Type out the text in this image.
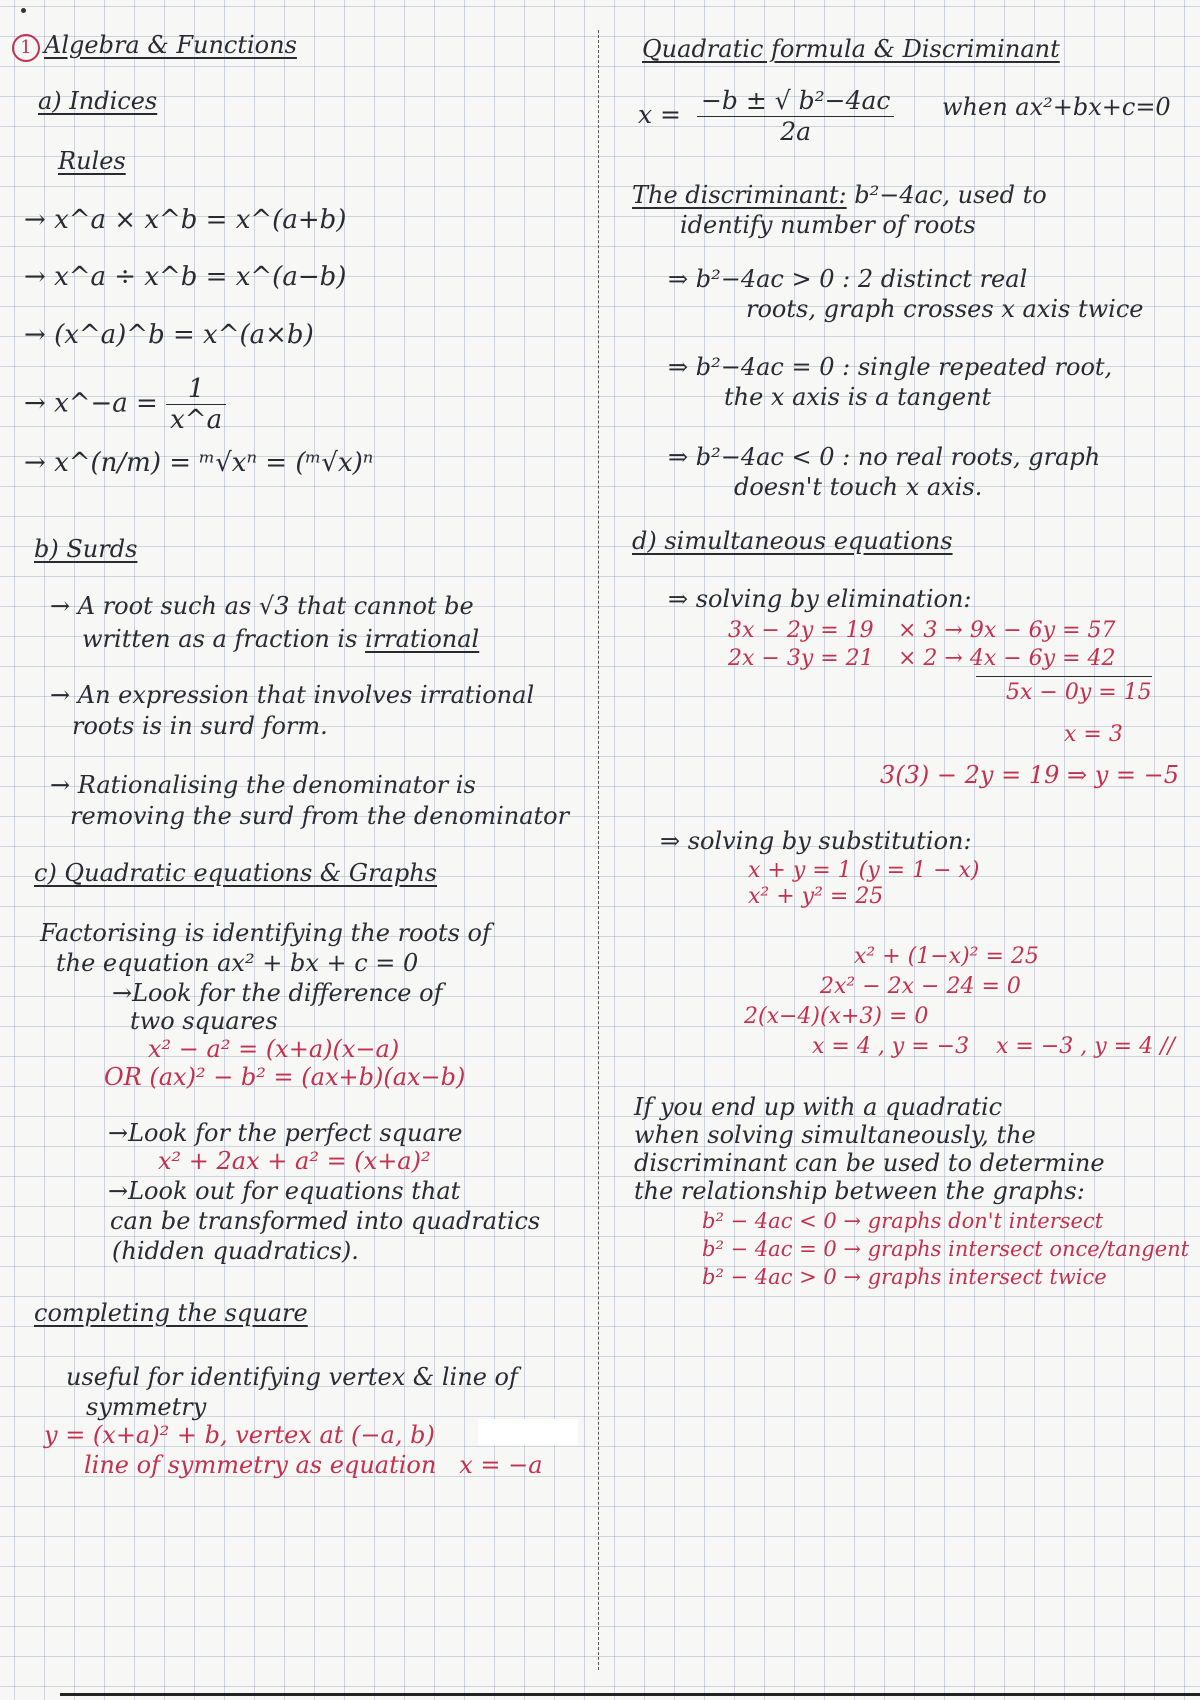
1 Algebra & Functions
a) Indices
Rules
→ x^a × x^b = x^(a+b)
→ x^a ÷ x^b = x^(a−b)
→ (x^a)^b = x^(a×b)
→ x^−a = $\frac{1}{x\^{}a}$
→ x^(n/m) = ᵐ√xⁿ = (ᵐ√x)ⁿ
b) Surds
→ A root such as √3 that cannot be
written as a fraction is irrational
→ An expression that involves irrational
roots is in surd form.
→ Rationalising the denominator is
removing the surd from the denominator
c) Quadratic equations & Graphs
Factorising is identifying the roots of
the equation ax² + bx + c = 0
→Look for the difference of
two squares
x² − a² = (x+a)(x−a)
OR (ax)² − b² = (ax+b)(ax−b)
→Look for the perfect square
x² + 2ax + a² = (x+a)²
→Look out for equations that
can be transformed into quadratics
(hidden quadratics).
completing the square
useful for identifying vertex & line of
symmetry
y = (x+a)² + b, vertex at (−a, b)
line of symmetry as equation x = −a
Quadratic formula & Discriminant
$x = \frac{\text{−b ± √ b²−4ac}}{2a}$ when ax²+bx+c=0
The discriminant: b²−4ac, used to
identify number of roots
⇒ b²−4ac > 0 : 2 distinct real
roots, graph crosses x axis twice
⇒ b²−4ac = 0 : single repeated root,
the x axis is a tangent
⇒ b²−4ac < 0 : no real roots, graph
doesn't touch x axis.
d) simultaneous equations
⇒ solving by elimination:
3x − 2y = 19 × 3 → 9x − 6y = 57
2x − 3y = 21 × 2 → 4x − 6y = 42
5x − 0y = 15
x = 3
3(3) − 2y = 19 ⇒ y = −5
⇒ solving by substitution:
x + y = 1 (y = 1 − x)
x² + y² = 25
x² + (1−x)² = 25
2x² − 2x − 24 = 0
2(x−4)(x+3) = 0
x = 4 , y = −3 x = −3 , y = 4 //
If you end up with a quadratic
when solving simultaneously, the
discriminant can be used to determine
the relationship between the graphs:
b² − 4ac < 0 → graphs don't intersect
b² − 4ac = 0 → graphs intersect once/tangent
b² − 4ac > 0 → graphs intersect twice
